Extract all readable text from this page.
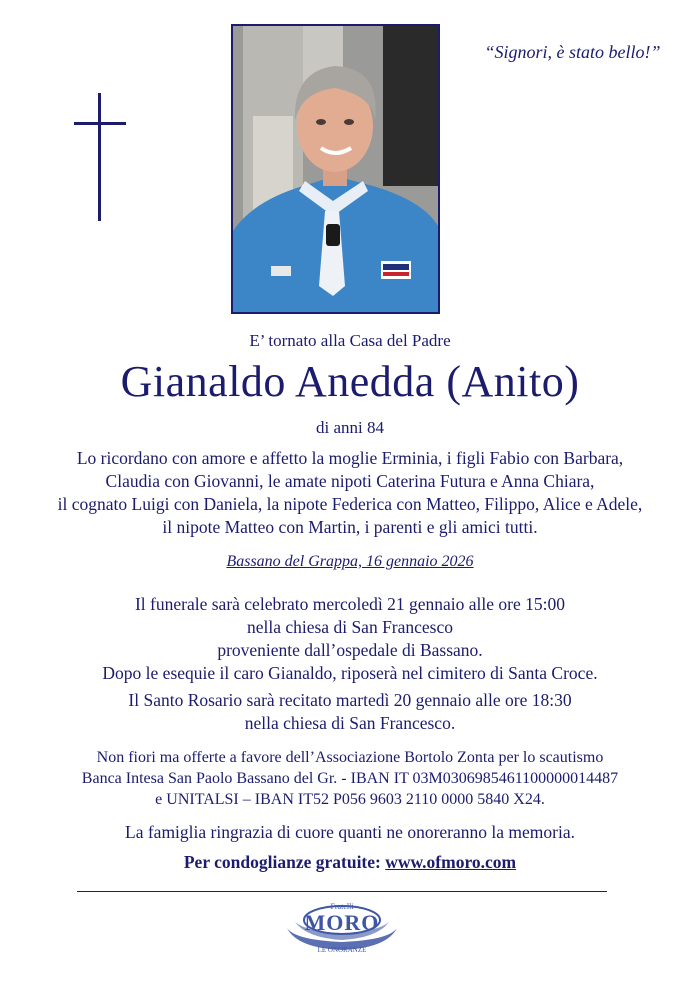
“Signori, è stato bello!”
E’ tornato alla Casa del Padre
Gianaldo Anedda (Anito)
di anni 84
Lo ricordano con amore e affetto la moglie Erminia, i figli Fabio con Barbara,
Claudia con Giovanni, le amate nipoti Caterina Futura e Anna Chiara,
il cognato Luigi con Daniela, la nipote Federica con Matteo, Filippo, Alice e Adele,
il nipote Matteo con Martin, i parenti e gli amici tutti.
Bassano del Grappa, 16 gennaio 2026
Il funerale sarà celebrato mercoledì 21 gennaio alle ore 15:00
nella chiesa di San Francesco
proveniente dall’ospedale di Bassano.
Dopo le esequie il caro Gianaldo, riposerà nel cimitero di Santa Croce.
Il Santo Rosario sarà recitato martedì 20 gennaio alle ore 18:30
nella chiesa di San Francesco.
Non fiori ma offerte a favore dell’Associazione Bortolo Zonta per lo scautismo
Banca Intesa San Paolo Bassano del Gr. - IBAN IT 03M0306985461100000014487
e UNITALSI – IBAN IT52 P056 9603 2110 0000 5840 X24.
La famiglia ringrazia di cuore quanti ne onoreranno la memoria.
Per condoglianze gratuite: www.ofmoro.com
Fratelli
MORO
LE ONORANZE
